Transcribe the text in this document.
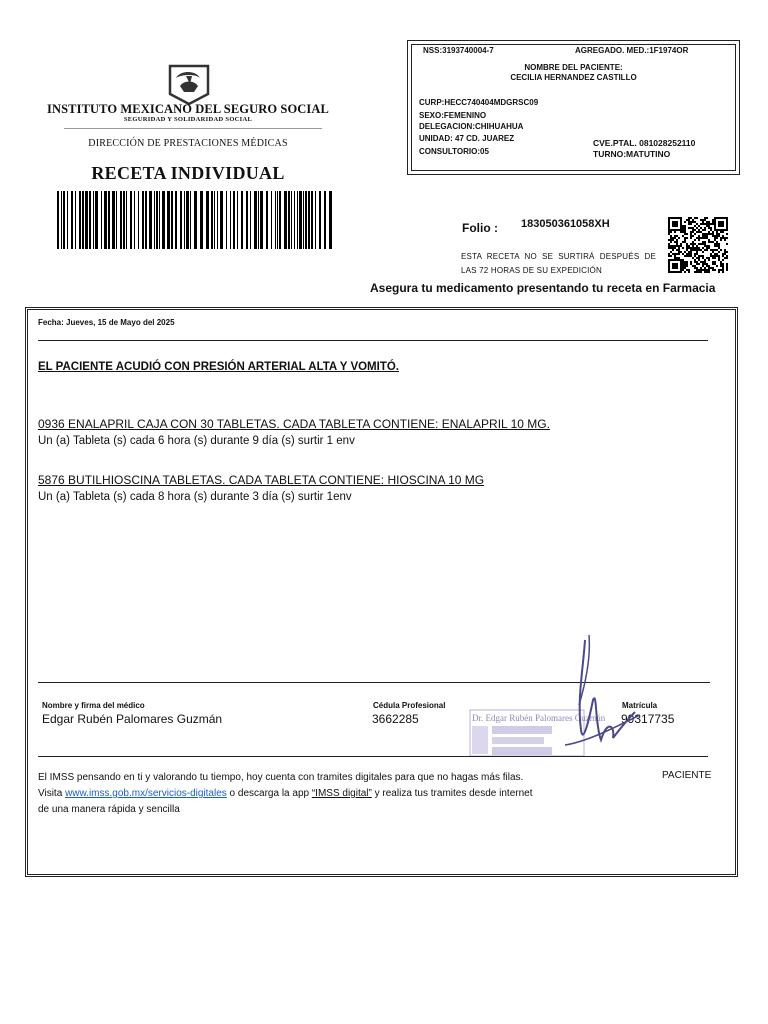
INSTITUTO MEXICANO DEL SEGURO SOCIAL
SEGURIDAD Y SOLIDARIDAD SOCIAL
DIRECCIÓN DE PRESTACIONES MÉDICAS
RECETA INDIVIDUAL
NSS:3193740004-7	AGREGADO. MED.:1F1974OR
NOMBRE DEL PACIENTE:
CECILIA HERNANDEZ CASTILLO
CURP:HECC740404MDGRSC09
SEXO:FEMENINO
DELEGACION:CHIHUAHUA
UNIDAD: 47 CD. JUAREZ
CONSULTORIO:05
CVE.PTAL. 081028252110
TURNO:MATUTINO
Folio : 183050361058XH
ESTA RECETA NO SE SURTIRÁ DESPUÉS DE LAS 72 HORAS DE SU EXPEDICIÓN
Asegura tu medicamento presentando tu receta en Farmacia
Fecha: Jueves, 15 de Mayo del 2025
EL PACIENTE ACUDIÓ CON PRESIÓN ARTERIAL ALTA Y VOMITÓ.
0936 ENALAPRIL CAJA CON 30 TABLETAS. CADA TABLETA CONTIENE: ENALAPRIL 10 MG.
Un (a) Tableta (s) cada 6 hora (s) durante 9 día (s) surtir 1 env
5876 BUTILHIOSCINA TABLETAS. CADA TABLETA CONTIENE: HIOSCINA 10 MG
Un (a) Tableta (s) cada 8 hora (s) durante 3 día (s) surtir 1env
Nombre y firma del médico
Edgar Rubén Palomares Guzmán
Cédula Profesional
3662285
Matrícula
99317735
Dr. Edgar Rubén Palomares Guzmán
El IMSS pensando en ti y valorando tu tiempo, hoy cuenta con tramites digitales para que no hagas más filas.
Visita www.imss.gob.mx/servicios-digitales o descarga la app “IMSS digital” y realiza tus tramites desde internet
de una manera rápida y sencilla
PACIENTE
